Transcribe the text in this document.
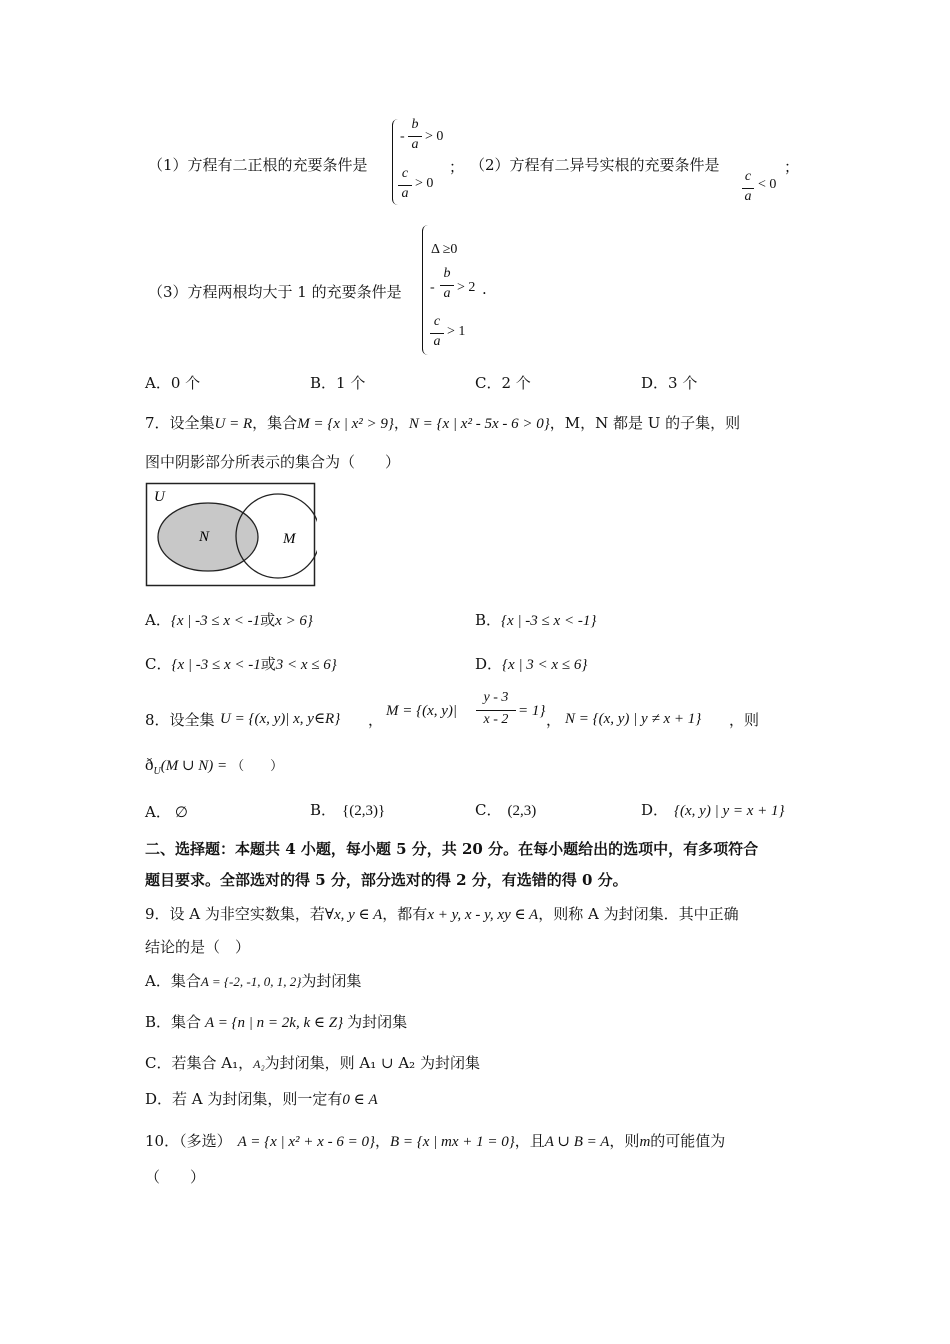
（1）方程有二正根的充要条件是
-
b
a
> 0
c
a
> 0
； （2）方程有二异号实根的充要条件是
c
a
< 0
；
（3）方程两根均大于 1 的充要条件是
Δ ≥0
-
b
a > 2
c
a
> 1
.
A．0 个	B．1 个	C．2 个	D．3 个
7．设全集U = R，集合M = {x | x² > 9}，N = {x | x² - 5x - 6 > 0}，M，N 都是 U 的子集，则
图中阴影部分所表示的集合为（　　）
U
N	M
A．{x | -3 ≤ x < -1或x > 6}	B．{x | -3 ≤ x < -1}
C．{x | -3 ≤ x < -1或3 < x ≤ 6}	D．{x | 3 < x ≤ 6}
8．设全集 U = {(x, y)| x, y∈R} ， M = {(x, y)|
y - 3
x - 2
= 1} ， N = {(x, y) | y ≠ x + 1} ，则
$ð_U(M$ ∪ N) = （　　）
A． ∅	B． {(2,3)}	C． (2,3)	D． {(x, y) | y = x + 1}
二、选择题：本题共 4 小题，每小题 5 分，共 20 分。在每小题给出的选项中，有多项符合
题目要求。全部选对的得 5 分，部分选对的得 2 分，有选错的得 0 分。
9．设 A 为非空实数集，若∀x, y ∈ A，都有x + y, x - y, xy ∈ A，则称 A 为封闭集．其中正确
结论的是（　）
A．集合A = {-2, -1, 0, 1, 2}为封闭集
B．集合 A = {n | n = 2k, k ∈ Z} 为封闭集
C．若集合 A₁，A₂为封闭集，则 A₁ ∪ A₂ 为封闭集
D．若 A 为封闭集，则一定有0 ∈ A
10．（多选） A = {x | x² + x - 6 = 0}，B = {x | mx + 1 = 0}，且A ∪ B = A，则m的可能值为
（　　）
